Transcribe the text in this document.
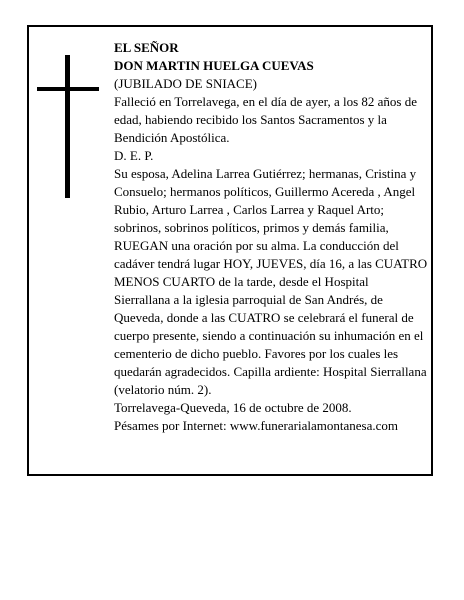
EL SEÑOR

DON MARTIN HUELGA CUEVAS

(JUBILADO DE SNIACE)

Falleció en Torrelavega, en el día de ayer, a los 82 años de edad, habiendo recibido los Santos Sacramentos y la Bendición Apostólica.

D. E. P.

Su esposa, Adelina Larrea Gutiérrez; hermanas, Cristina y Consuelo; hermanos políticos, Guillermo Acereda , Angel Rubio, Arturo Larrea , Carlos Larrea y Raquel Arto; sobrinos, sobrinos políticos, primos y demás familia,

RUEGAN una oración por su alma. La conducción del cadáver tendrá lugar HOY, JUEVES, día 16, a las CUATRO MENOS CUARTO de la tarde, desde el Hospital Sierrallana a la iglesia parroquial de San Andrés, de Queveda, donde a las CUATRO se celebrará el funeral de cuerpo presente, siendo a continuación su inhumación en el cementerio de dicho pueblo. Favores por los cuales les quedarán agradecidos. Capilla ardiente: Hospital Sierrallana (velatorio núm. 2).

Torrelavega-Queveda, 16 de octubre de 2008.

Pésames por Internet: www.funerarialamontanesa.com
